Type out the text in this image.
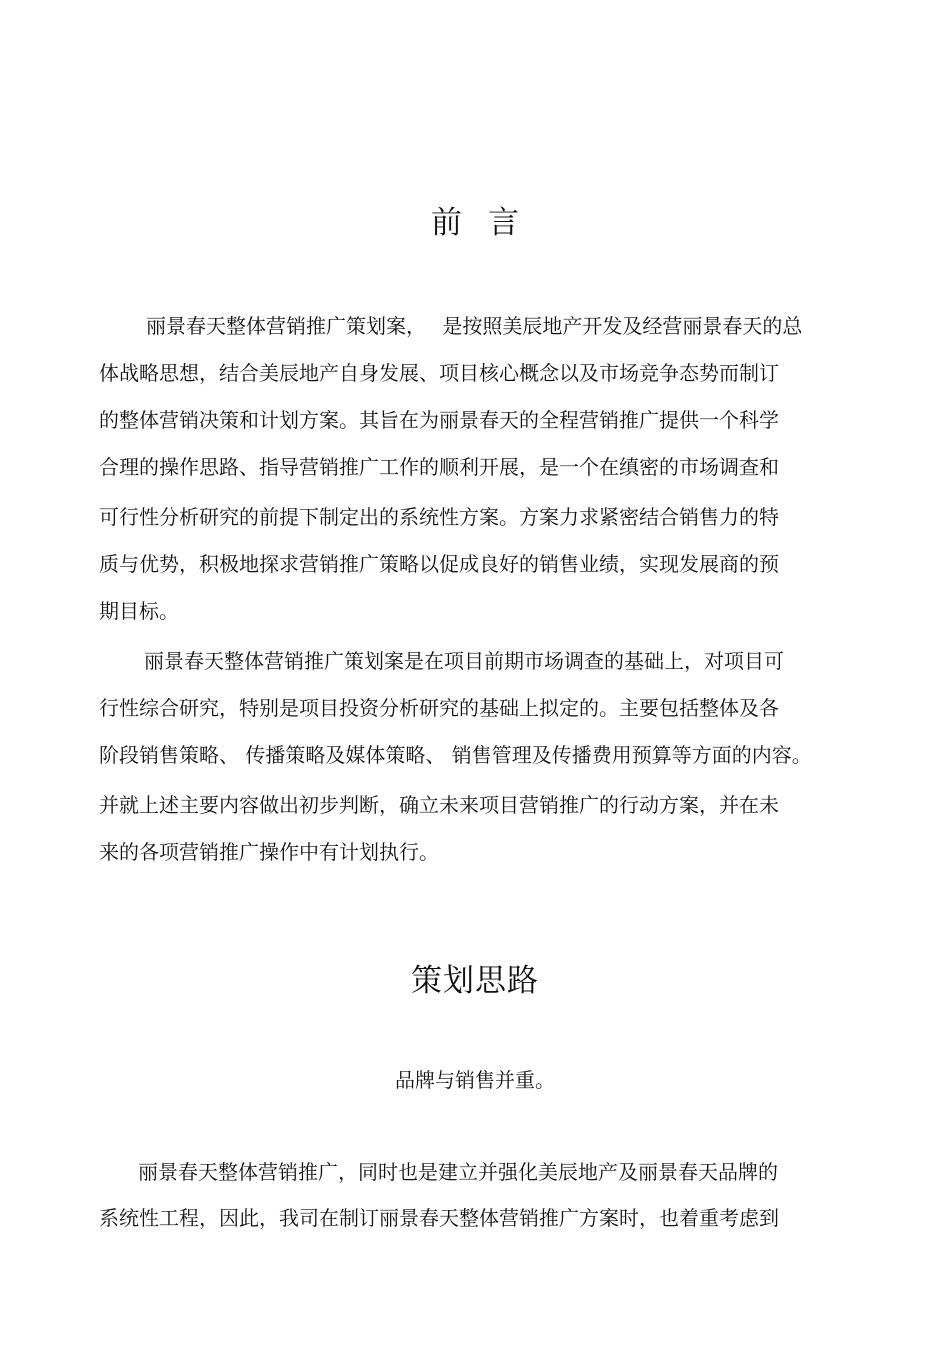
前言

丽景春天整体营销推广策划案，　 是按照美辰地产开发及经营丽景春天的总

体战略思想，结合美辰地产自身发展、项目核心概念以及市场竞争态势而制订

的整体营销决策和计划方案。其旨在为丽景春天的全程营销推广提供一个科学

合理的操作思路、指导营销推广工作的顺利开展，是一个在缜密的市场调查和

可行性分析研究的前提下制定出的系统性方案。方案力求紧密结合销售力的特

质与优势，积极地探求营销推广策略以促成良好的销售业绩，实现发展商的预

期目标。

丽景春天整体营销推广策划案是在项目前期市场调查的基础上，对项目可

行性综合研究，特别是项目投资分析研究的基础上拟定的。主要包括整体及各

阶段销售策略、 传播策略及媒体策略、 销售管理及传播费用预算等方面的内容。

并就上述主要内容做出初步判断，确立未来项目营销推广的行动方案，并在未

来的各项营销推广操作中有计划执行。

策划思路

品牌与销售并重。

丽景春天整体营销推广，同时也是建立并强化美辰地产及丽景春天品牌的

系统性工程，因此，我司在制订丽景春天整体营销推广方案时，也着重考虑到
